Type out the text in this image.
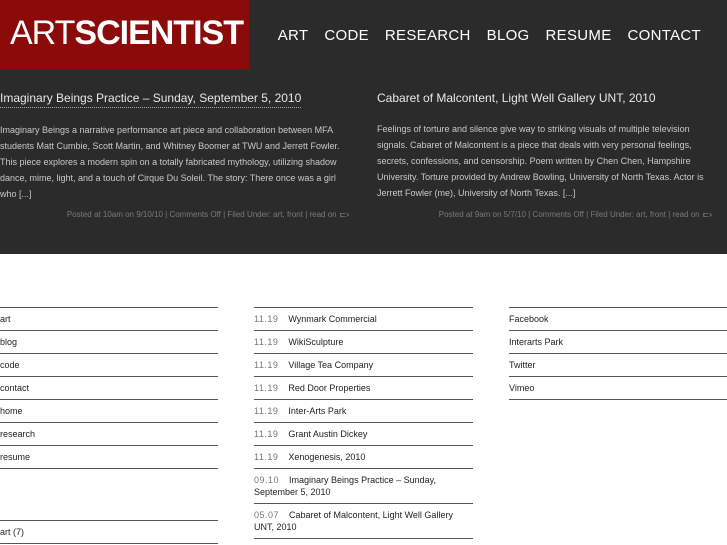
ARTSCIENTIST ART CODE RESEARCH BLOG RESUME CONTACT
Imaginary Beings Practice – Sunday, September 5, 2010
Imaginary Beings a narrative performance art piece and collaboration between MFA students Matt Cumbie, Scott Martin, and Whitney Boomer at TWU and Jerrett Fowler. This piece explores a modern spin on a totally fabricated mythology, utilizing shadow dance, mime, light, and a touch of Cirque Du Soleil. The story: There once was a girl who [...]
Posted at 10am on 9/10/10 | Comments Off | Filed Under: art, front | read on ⊏›
Cabaret of Malcontent, Light Well Gallery UNT, 2010
Feelings of torture and silence give way to striking visuals of multiple television signals. Cabaret of Malcontent is a piece that deals with very personal feelings, secrets, confessions, and censorship. Poem written by Chen Chen, Hampshire University. Torture provided by Andrew Bowling, University of North Texas. Actor is Jerrett Fowler (me), University of North Texas. [...]
Posted at 9am on 5/7/10 | Comments Off | Filed Under: art, front | read on ⊏›
art
blog
code
contact
home
research
resume
art (7)
11.19 Wynmark Commercial
11.19 WikiSculpture
11.19 Village Tea Company
11.19 Red Door Properties
11.19 Inter-Arts Park
11.19 Grant Austin Dickey
11.19 Xenogenesis, 2010
09.10 Imaginary Beings Practice – Sunday, September 5, 2010
05.07 Cabaret of Malcontent, Light Well Gallery UNT, 2010
Facebook
Interarts Park
Twitter
Vimeo
